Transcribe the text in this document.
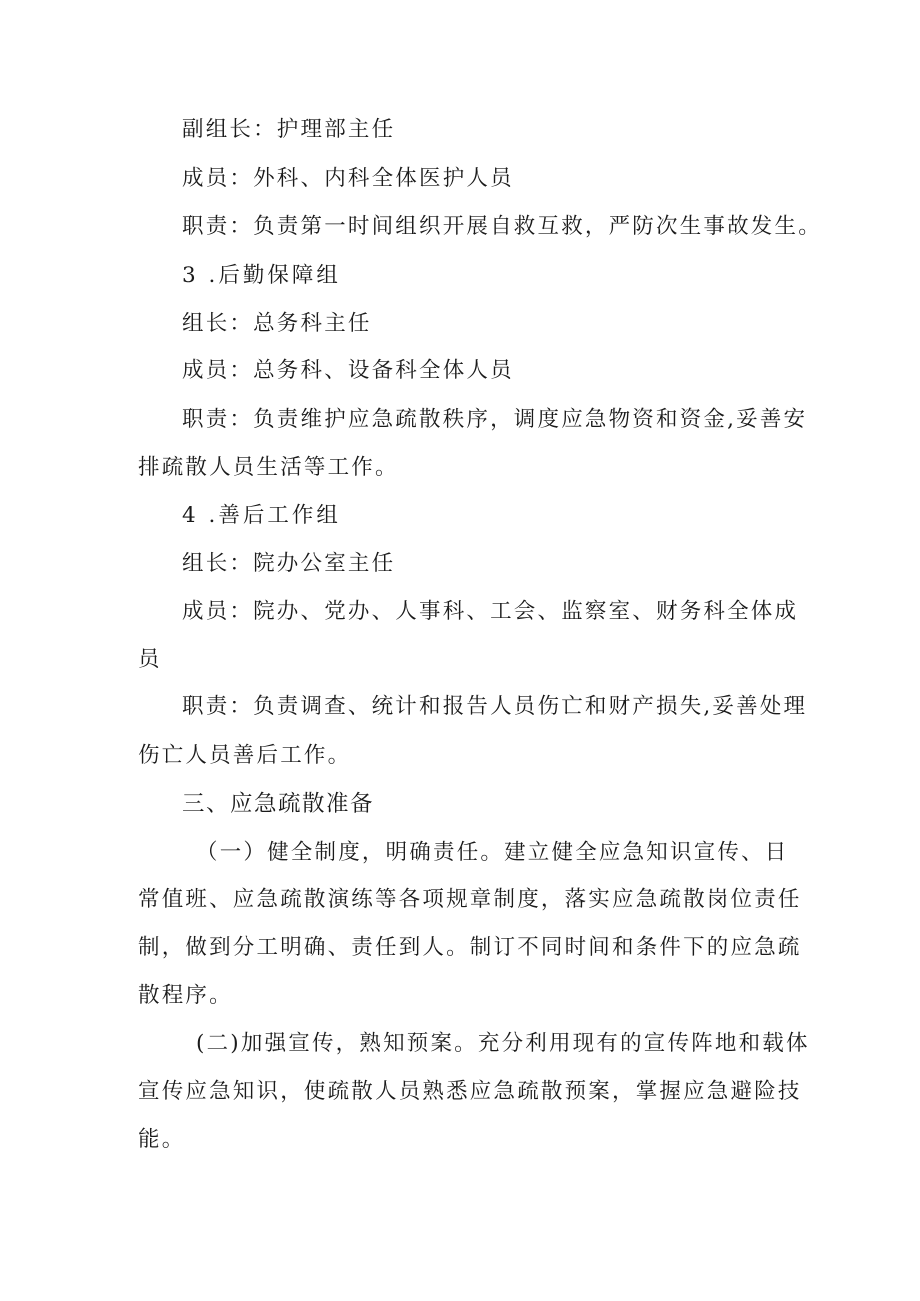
副组长：护理部主任

成员：外科、内科全体医护人员

职责：负责第一时间组织开展自救互救，严防次生事故发生。

3 .后勤保障组

组长：总务科主任

成员：总务科、设备科全体人员

职责：负责维护应急疏散秩序，调度应急物资和资金,妥善安

排疏散人员生活等工作。

4 .善后工作组

组长：院办公室主任

成员：院办、党办、人事科、工会、监察室、财务科全体成

员

职责：负责调查、统计和报告人员伤亡和财产损失,妥善处理

伤亡人员善后工作。

三、应急疏散准备

（一）健全制度，明确责任。建立健全应急知识宣传、日

常值班、应急疏散演练等各项规章制度，落实应急疏散岗位责任

制，做到分工明确、责任到人。制订不同时间和条件下的应急疏

散程序。

(二)加强宣传，熟知预案。充分利用现有的宣传阵地和载体

宣传应急知识，使疏散人员熟悉应急疏散预案，掌握应急避险技

能。
